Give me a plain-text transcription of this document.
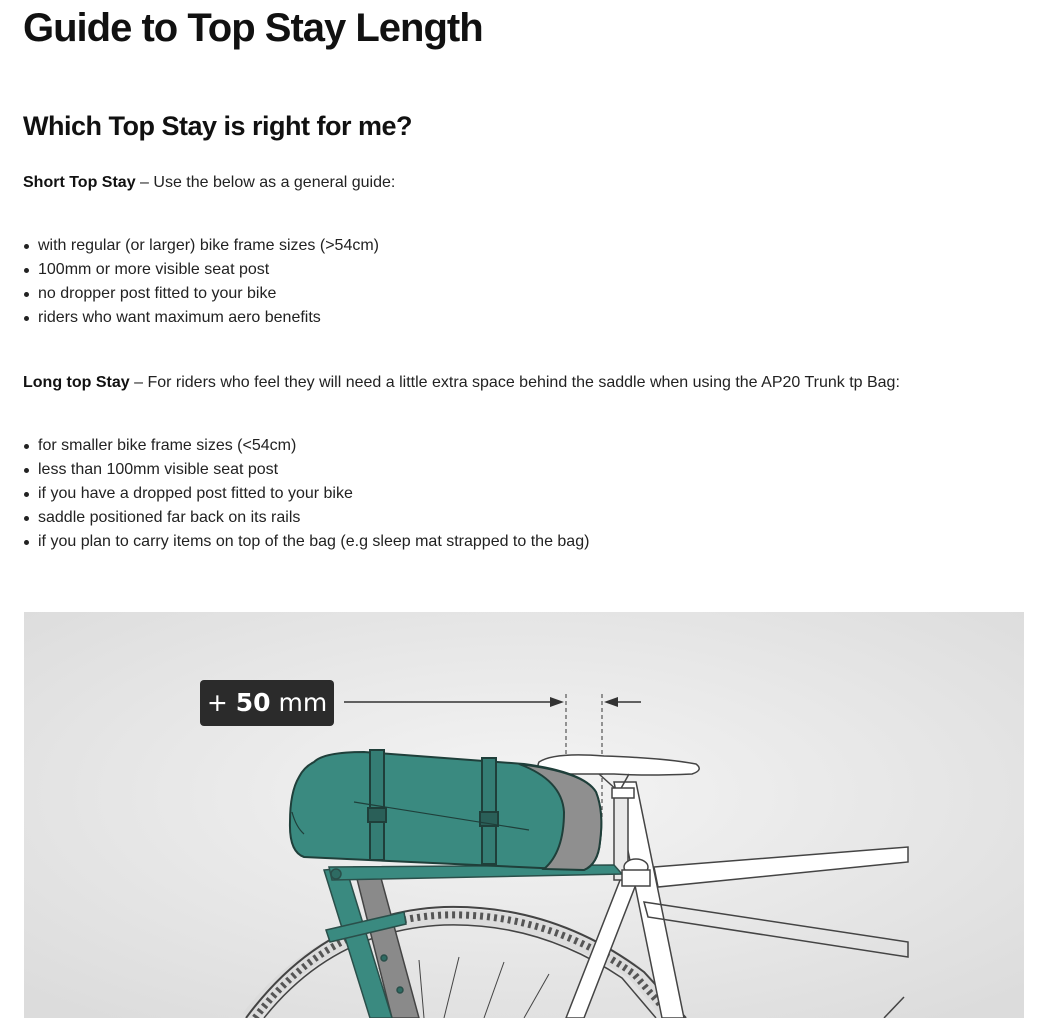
Guide to Top Stay Length
Which Top Stay is right for me?

Short Top Stay – Use the below as a general guide:

with regular (or larger) bike frame sizes (>54cm)
100mm or more visible seat post
no dropper post fitted to your bike
riders who want maximum aero benefits

Long top Stay – For riders who feel they will need a little extra space behind the saddle when using the AP20 Trunk tp Bag:

for smaller bike frame sizes (<54cm)
less than 100mm visible seat post
if you have a dropped post fitted to your bike
saddle positioned far back on its rails
if you plan to carry items on top of the bag (e.g sleep mat strapped to the bag)
+ 50 mm
